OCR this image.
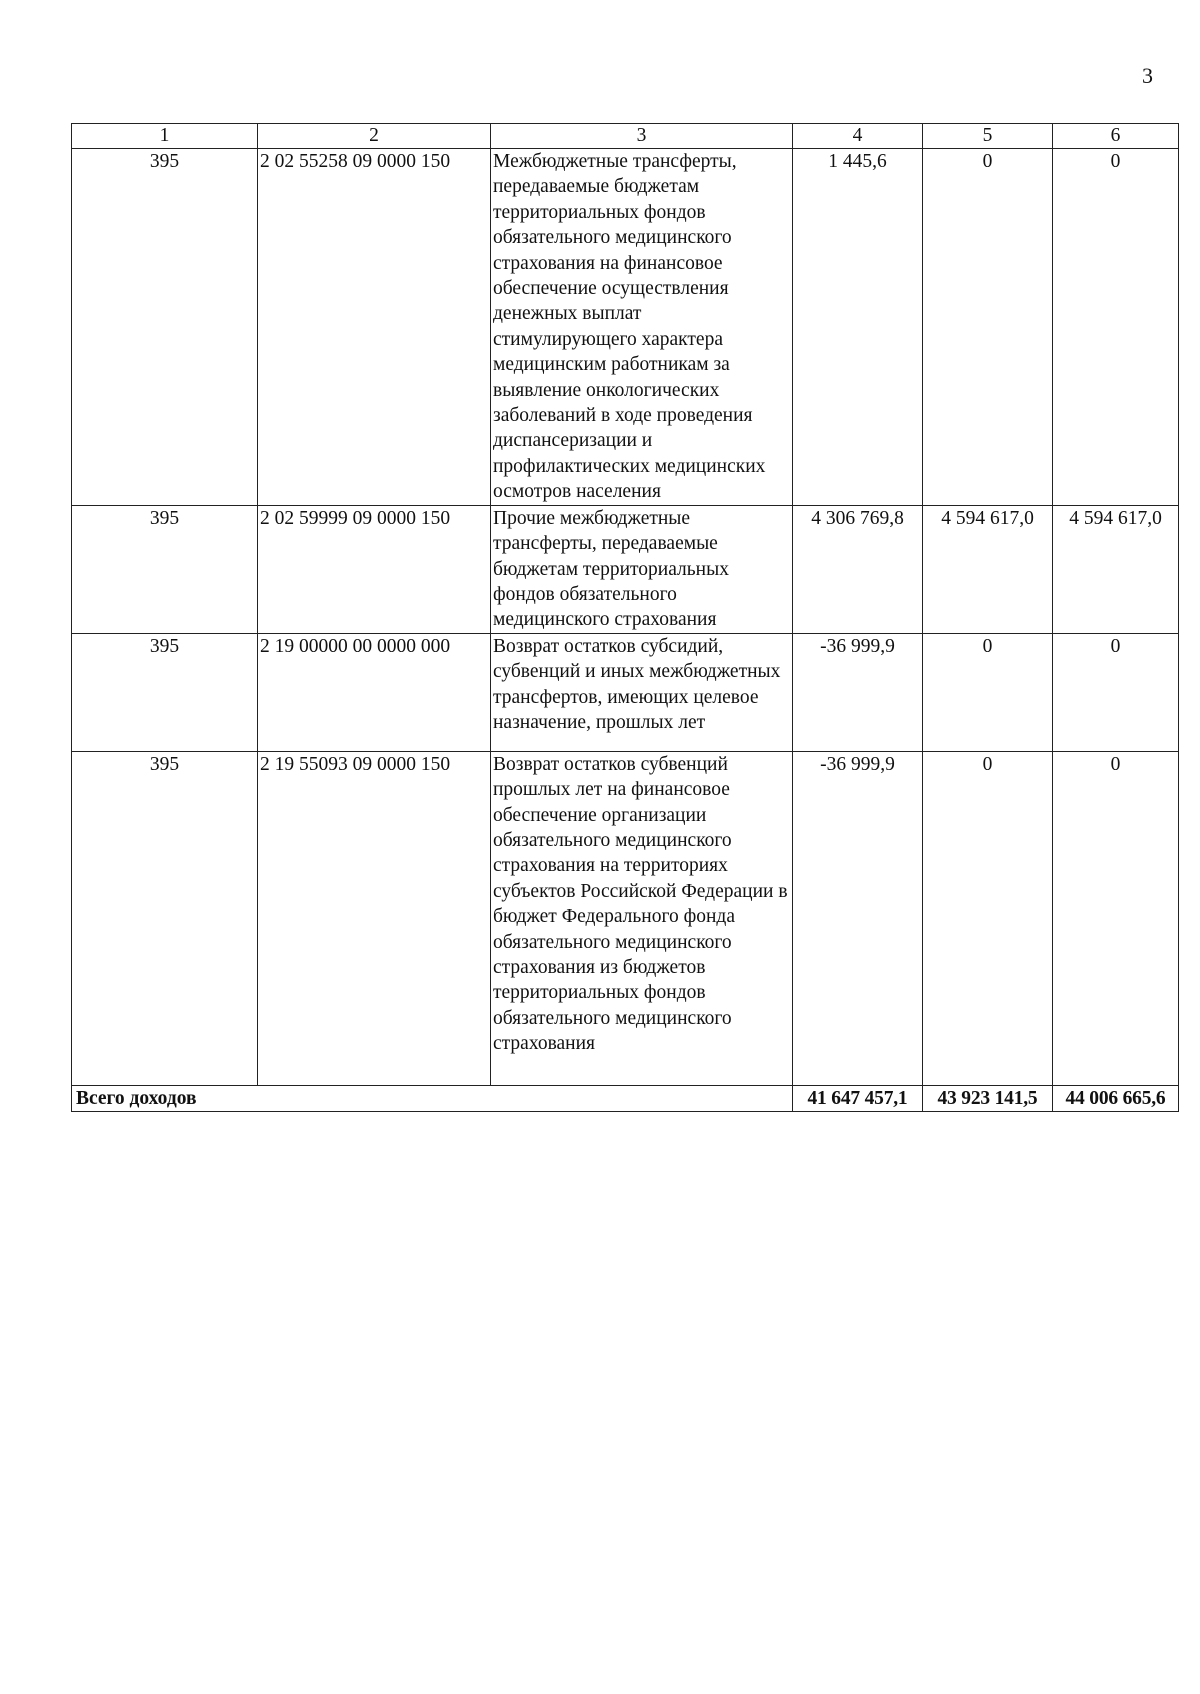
3
1	2	3	4	5	6
395	2 02 55258 09 0000 150	Межбюджетные трансферты, передаваемые бюджетам территориальных фондов обязательного медицинского страхования на финансовое обеспечение осуществления денежных выплат стимулирующего характера медицинским работникам за выявление онкологических заболеваний в ходе проведения диспансеризации и профилактических медицинских осмотров населения	1 445,6	0	0
395	2 02 59999 09 0000 150	Прочие межбюджетные трансферты, передаваемые бюджетам территориальных фондов обязательного медицинского страхования	4 306 769,8	4 594 617,0	4 594 617,0
395	2 19 00000 00 0000 000	Возврат остатков субсидий, субвенций и иных межбюджетных трансфертов, имеющих целевое назначение, прошлых лет	-36 999,9	0	0
395	2 19 55093 09 0000 150	Возврат остатков субвенций прошлых лет на финансовое обеспечение организации обязательного медицинского страхования на территориях субъектов Российской Федерации в бюджет Федерального фонда обязательного медицинского страхования из бюджетов территориальных фондов обязательного медицинского страхования	-36 999,9	0	0
Всего доходов			41 647 457,1	43 923 141,5	44 006 665,6
